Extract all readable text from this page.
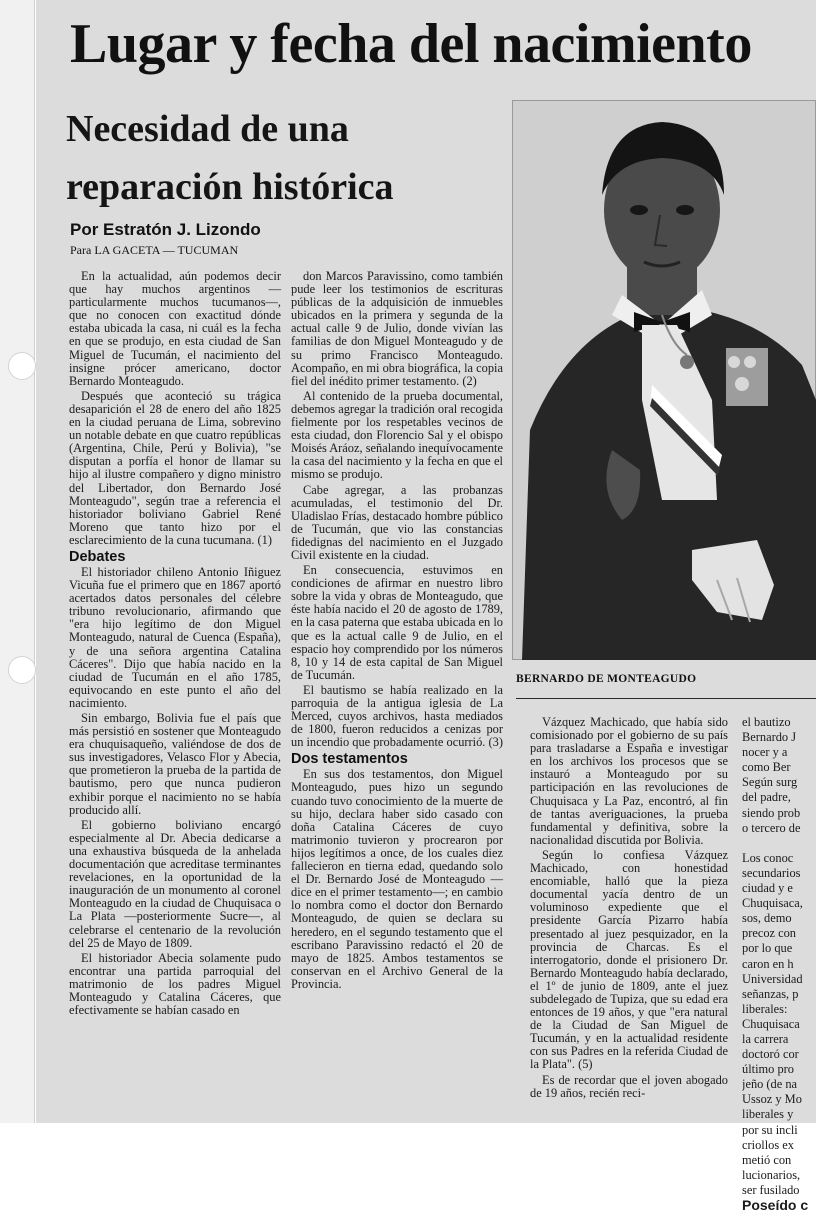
Lugar y fecha del nacimiento
Necesidad de una
reparación histórica

Por Estratón J. Lizondo

Para LA GACETA — TUCUMAN

BERNARDO DE MONTEAGUDO

En la actualidad, aún podemos decir que hay muchos argentinos —particularmente muchos tucumanos—, que no conocen con exactitud dónde estaba ubicada la casa, ni cuál es la fecha en que se produjo, en esta ciudad de San Miguel de Tucumán, el nacimiento del insigne prócer americano, doctor Bernardo Monteagudo.

Después que aconteció su trágica desaparición el 28 de enero del año 1825 en la ciudad peruana de Lima, sobrevino un notable debate en que cuatro repúblicas (Argentina, Chile, Perú y Bolivia), "se disputan a porfía el honor de llamar su hijo al ilustre compañero y digno ministro del Libertador, don Bernardo José Monteagudo", según trae a referencia el historiador boliviano Gabriel René Moreno que tanto hizo por el esclarecimiento de la cuna tucumana. (1)

Debates

El historiador chileno Antonio Iñiguez Vicuña fue el primero que en 1867 aportó acertados datos personales del célebre tribuno revolucionario, afirmando que "era hijo legítimo de don Miguel Monteagudo, natural de Cuenca (España), y de una señora argentina Catalina Cáceres". Dijo que había nacido en la ciudad de Tucumán en el año 1785, equivocando en este punto el año del nacimiento.

Sin embargo, Bolivia fue el país que más persistió en sostener que Monteagudo era chuquisaqueño, valiéndose de dos de sus investigadores, Velasco Flor y Abecia, que prometieron la prueba de la partida de bautismo, pero que nunca pudieron exhibir porque el nacimiento no se había producido allí.

El gobierno boliviano encargó especialmente al Dr. Abecia dedicarse a una exhaustiva búsqueda de la anhelada documentación que acreditase terminantes revelaciones, en la oportunidad de la inauguración de un monumento al coronel Monteagudo en la ciudad de Chuquisaca o La Plata —posteriormente Sucre—, al celebrarse el centenario de la revolución del 25 de Mayo de 1809.

El historiador Abecia solamente pudo encontrar una partida parroquial del matrimonio de los padres Miguel Monteagudo y Catalina Cáceres, que efectivamente se habían casado en

don Marcos Paravissino, como también pude leer los testimonios de escrituras públicas de la adquisición de inmuebles ubicados en la primera y segunda de la actual calle 9 de Julio, donde vivían las familias de don Miguel Monteagudo y de su primo Francisco Monteagudo. Acompaño, en mi obra biográfica, la copia fiel del inédito primer testamento. (2)

Al contenido de la prueba documental, debemos agregar la tradición oral recogida fielmente por los respetables vecinos de esta ciudad, don Florencio Sal y el obispo Moisés Aráoz, señalando inequívocamente la casa del nacimiento y la fecha en que el mismo se produjo.

Cabe agregar, a las probanzas acumuladas, el testimonio del Dr. Uladislao Frías, destacado hombre público de Tucumán, que vio las constancias fidedignas del nacimiento en el Juzgado Civil existente en la ciudad.

En consecuencia, estuvimos en condiciones de afirmar en nuestro libro sobre la vida y obras de Monteagudo, que éste había nacido el 20 de agosto de 1789, en la casa paterna que estaba ubicada en lo que es la actual calle 9 de Julio, en el espacio hoy comprendido por los números 8, 10 y 14 de esta capital de San Miguel de Tucumán.

El bautismo se había realizado en la parroquia de la antigua iglesia de La Merced, cuyos archivos, hasta mediados de 1800, fueron reducidos a cenizas por un incendio que probadamente ocurrió. (3)

Dos testamentos

En sus dos testamentos, don Miguel Monteagudo, pues hizo un segundo cuando tuvo conocimiento de la muerte de su hijo, declara haber sido casado con doña Catalina Cáceres de cuyo matrimonio tuvieron y procrearon por hijos legítimos a once, de los cuales diez fallecieron en tierna edad, quedando solo el Dr. Bernardo José de Monteagudo —dice en el primer testamento—; en cambio lo nombra como el doctor don Bernardo Monteagudo, de quien se declara su heredero, en el segundo testamento que el escribano Paravissino redactó el 20 de mayo de 1825. Ambos testamentos se conservan en el Archivo General de la Provincia.

Vázquez Machicado, que había sido comisionado por el gobierno de su país para trasladarse a España e investigar en los archivos los procesos que se instauró a Monteagudo por su participación en las revoluciones de Chuquisaca y La Paz, encontró, al fin de tantas averiguaciones, la prueba fundamental y definitiva, sobre la nacionalidad discutida por Bolivia.

Según lo confiesa Vázquez Machicado, con honestidad encomiable, halló que la pieza documental yacía dentro de un voluminoso expediente que el presidente García Pizarro había presentado al juez pesquizador, en la provincia de Charcas. Es el interrogatorio, donde el prisionero Dr. Bernardo Monteagudo había declarado, el 1º de junio de 1809, ante el juez subdelegado de Tupiza, que su edad era entonces de 19 años, y que "era natural de la Ciudad de San Miguel de Tucumán, y en la actualidad residente con sus Padres en la referida Ciudad de la Plata". (5)

Es de recordar que el joven abogado de 19 años, recién reci-

el bautizo

Bernardo J

nocer y a

como Ber

Según surg

del padre,

siendo prob

o tercero de

Los conoc

secundarios

ciudad y e

Chuquisaca,

sos, demo

precoz con

por lo que

caron en h

Universidad

señanzas, p

liberales:

Chuquisaca

la carrera

doctoró cor

último pro

jeño (de na

Ussoz y Mo

liberales y

por su incli

criollos ex

metió con

lucionarios,

ser fusilado

Poseído c
